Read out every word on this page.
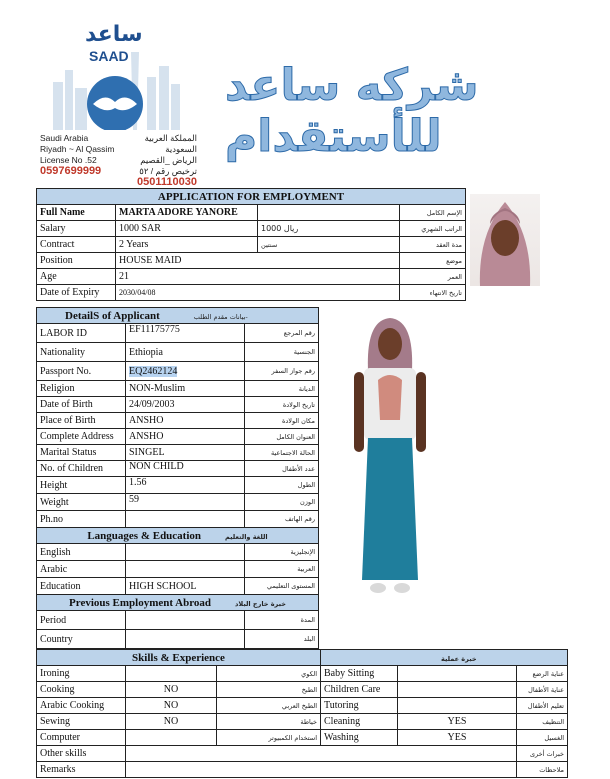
ساعد
SAAD
Saudi Arabia
Riyadh ~ Al Qassim
License No .52
0597699999
المملكة العربية السعودية
الرياض _القصيم
ترخيص رقم / ٥٢
0501110030
شركه ساعد للأستقدام
APPLICATION FOR EMPLOYMENT			
Full Name	MARTA ADORE YANORE		الإسم الكامل
Salary	1000 SAR	ريال 1000	الراتب الشهري
Contract	2 Years	سنتين	مدة العقد
Position	HOUSE MAID		موضع
Age	21		العمر
Date of Expiry	2030/04/08		تاريخ الانتهاء
DetailS of Applicant بيانات مقدم الطلب-		
LABOR ID	EF11175775	رقم المرجع
Nationality	Ethiopia	الجنسية
Passport No.	EQ2462124	رقم جواز السفر
Religion	NON-Muslim	الديانة
Date of Birth	24/09/2003	تاريخ الولادة
Place of Birth	ANSHO	مكان الولادة
Complete Address	ANSHO	العنوان الكامل
Marital Status	SINGEL	الحالة الاجتماعية
No. of Children	NON CHILD	عدد الأطفال
Height	1.56	الطول
Weight	59	الوزن
Ph.no		رقم الهاتف
Languages & Education اللغة والتعليم		
English		الإنجليزية
Arabic		العربية
Education	HIGH SCHOOL	المستوى التعليمي
Previous Employment Abroad خبرة خارج البلاد		
Period		المدة
Country		البلد
Skills & Experience			خبرة عملية		
Ironing		الكوي	Baby Sitting		عناية الرضع
Cooking	NO	الطبخ	Children Care		عناية الأطفال
Arabic Cooking	NO	الطبخ العربي	Tutoring		تعليم الأطفال
Sewing	NO	خياطة	Cleaning	YES	التنظيف
Computer		استخدام الكمبيوتر	Washing	YES	الغسيل
Other skills					خبرات أخرى
Remarks					ملاحظات
